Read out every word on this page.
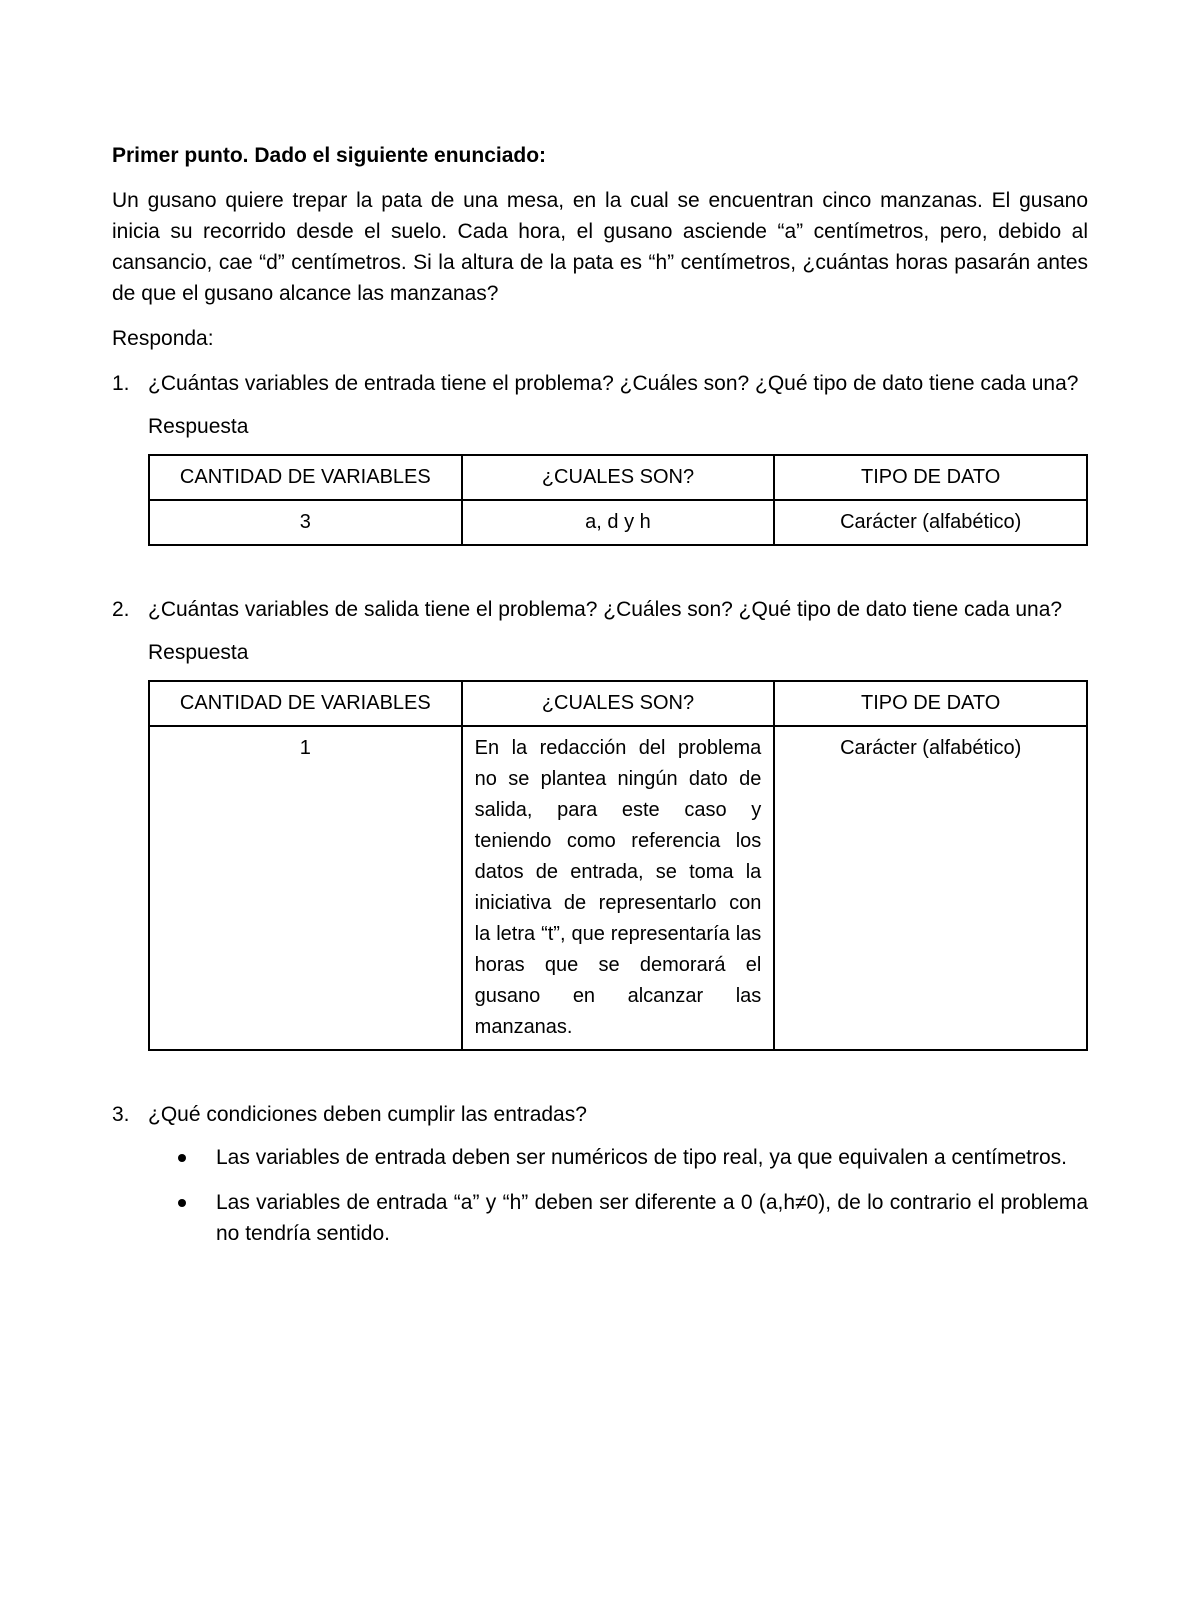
Primer punto. Dado el siguiente enunciado:

Un gusano quiere trepar la pata de una mesa, en la cual se encuentran cinco manzanas. El gusano inicia su recorrido desde el suelo. Cada hora, el gusano asciende “a” centímetros, pero, debido al cansancio, cae “d” centímetros. Si la altura de la pata es “h” centímetros, ¿cuántas horas pasarán antes de que el gusano alcance las manzanas?

Responda:

1. ¿Cuántas variables de entrada tiene el problema? ¿Cuáles son? ¿Qué tipo de dato tiene cada una?

Respuesta

CANTIDAD DE VARIABLES	¿CUALES SON?	TIPO DE DATO
3	a, d y h	Carácter (alfabético)
2. ¿Cuántas variables de salida tiene el problema? ¿Cuáles son? ¿Qué tipo de dato tiene cada una?

Respuesta

CANTIDAD DE VARIABLES	¿CUALES SON?	TIPO DE DATO
1	En la redacción del problema no se plantea ningún dato de salida, para este caso y teniendo como referencia los datos de entrada, se toma la iniciativa de representarlo con la letra “t”, que representaría las horas que se demorará el gusano en alcanzar las manzanas.	Carácter (alfabético)
3. ¿Qué condiciones deben cumplir las entradas?
Las variables de entrada deben ser numéricos de tipo real, ya que equivalen a centímetros.
Las variables de entrada “a” y “h” deben ser diferente a 0 (a,h≠0), de lo contrario el problema no tendría sentido.
